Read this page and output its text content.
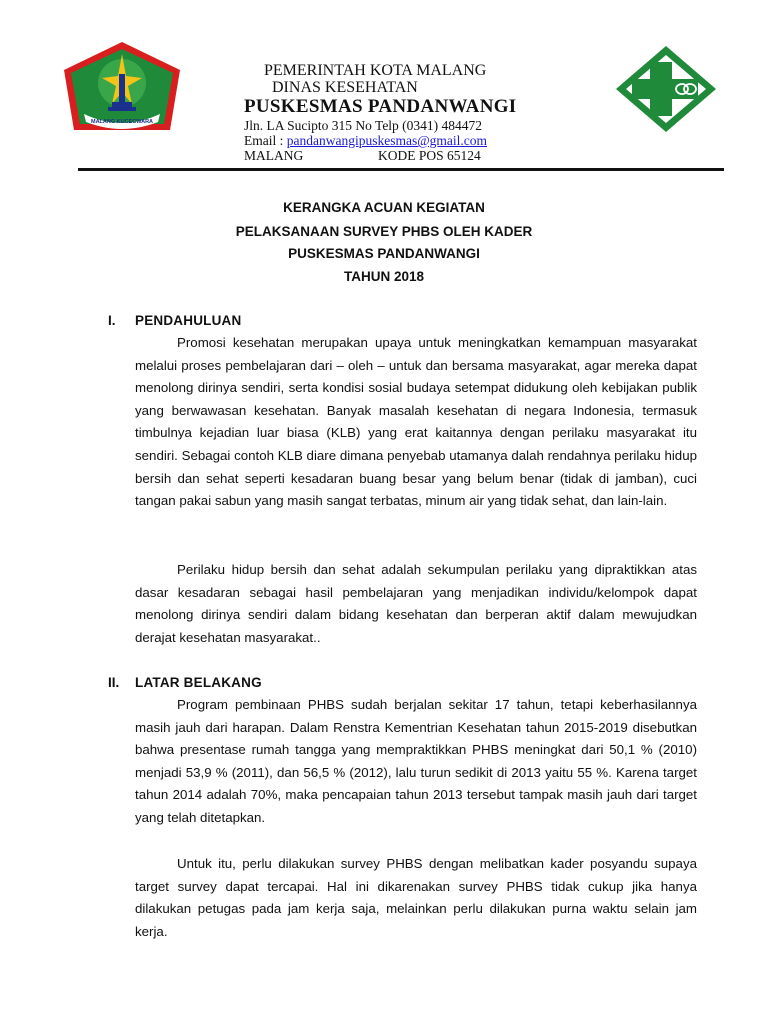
MALANG KUCECWARA
PEMERINTAH KOTA MALANG
DINAS KESEHATAN
PUSKESMAS PANDANWANGI
Jln. LA Sucipto 315 No Telp (0341) 484472
Email : pandanwangipuskesmas@gmail.com
MALANG	KODE POS 65124
KERANGKA ACUAN KEGIATAN
PELAKSANAAN SURVEY PHBS OLEH KADER
PUSKESMAS PANDANWANGI
TAHUN 2018
I. PENDAHULUAN

Promosi kesehatan merupakan upaya untuk meningkatkan kemampuan masyarakat melalui proses pembelajaran dari – oleh – untuk dan bersama masyarakat, agar mereka dapat menolong dirinya sendiri, serta kondisi sosial budaya setempat didukung oleh kebijakan publik yang berwawasan kesehatan. Banyak masalah kesehatan di negara Indonesia, termasuk timbulnya kejadian luar biasa (KLB) yang erat kaitannya dengan perilaku masyarakat itu sendiri. Sebagai contoh KLB diare dimana penyebab utamanya dalah rendahnya perilaku hidup bersih dan sehat seperti kesadaran buang besar yang belum benar (tidak di jamban), cuci tangan pakai sabun yang masih sangat terbatas, minum air yang tidak sehat, dan lain-lain.

Perilaku hidup bersih dan sehat adalah sekumpulan perilaku yang dipraktikkan atas dasar kesadaran sebagai hasil pembelajaran yang menjadikan individu/kelompok dapat menolong dirinya sendiri dalam bidang kesehatan dan berperan aktif dalam mewujudkan derajat kesehatan masyarakat..

II. LATAR BELAKANG

Program pembinaan PHBS sudah berjalan sekitar 17 tahun, tetapi keberhasilannya masih jauh dari harapan. Dalam Renstra Kementrian Kesehatan tahun 2015-2019 disebutkan bahwa presentase rumah tangga yang mempraktikkan PHBS meningkat dari 50,1 % (2010) menjadi 53,9 % (2011), dan 56,5 % (2012), lalu turun sedikit di 2013 yaitu 55 %. Karena target tahun 2014 adalah 70%, maka pencapaian tahun 2013 tersebut tampak masih jauh dari target yang telah ditetapkan.

Untuk itu, perlu dilakukan survey PHBS dengan melibatkan kader posyandu supaya target survey dapat tercapai. Hal ini dikarenakan survey PHBS tidak cukup jika hanya dilakukan petugas pada jam kerja saja, melainkan perlu dilakukan purna waktu selain jam kerja.
